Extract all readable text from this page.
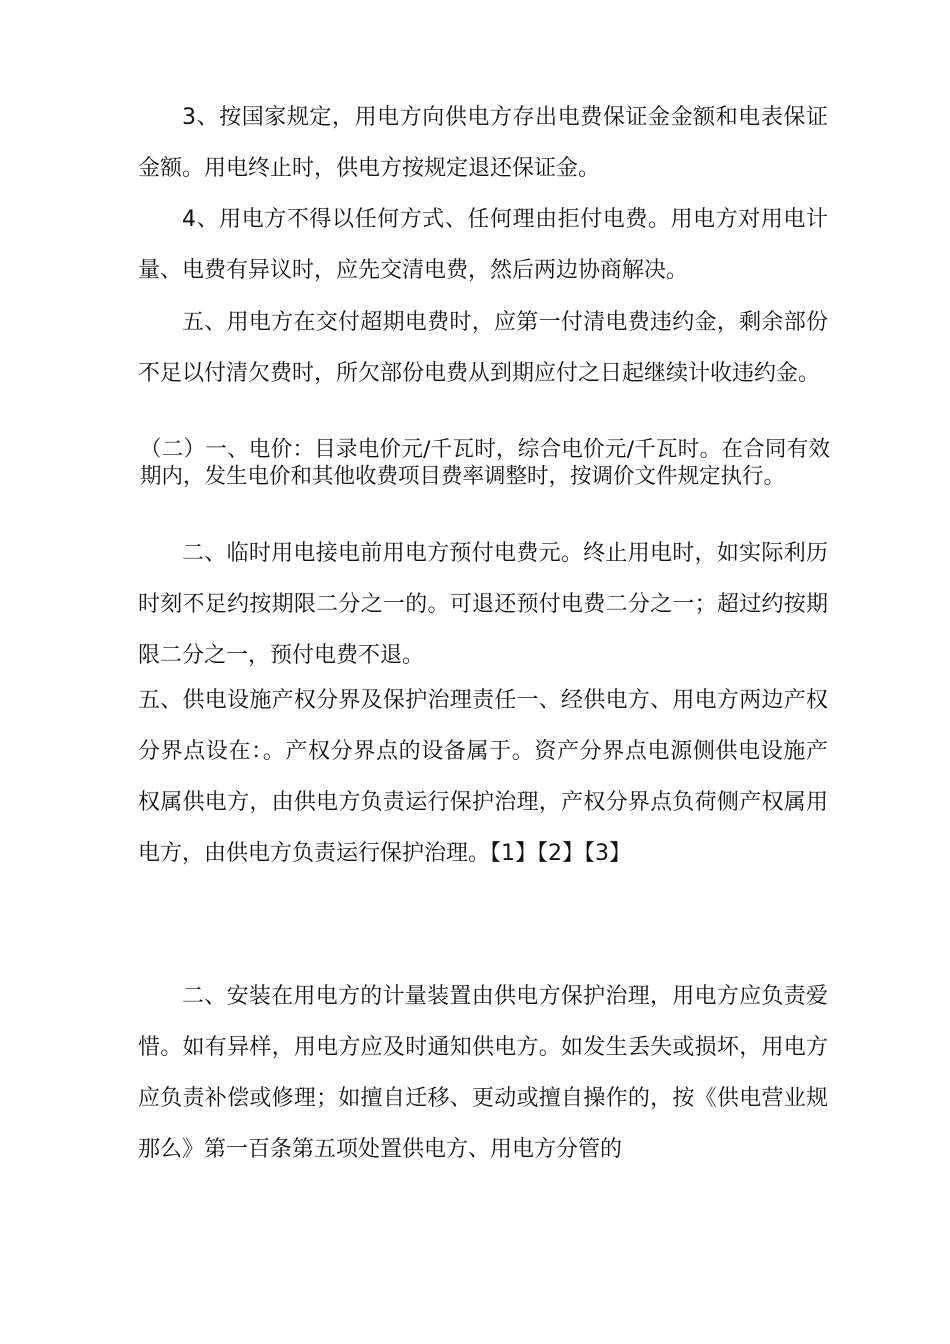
3、按国家规定，用电方向供电方存出电费保证金金额和电表保证金额。用电终止时，供电方按规定退还保证金。

4、用电方不得以任何方式、任何理由拒付电费。用电方对用电计量、电费有异议时，应先交清电费，然后两边协商解决。

五、用电方在交付超期电费时，应第一付清电费违约金，剩余部份不足以付清欠费时，所欠部份电费从到期应付之日起继续计收违约金。

（二）一、电价：目录电价元/千瓦时，综合电价元/千瓦时。在合同有效期内，发生电价和其他收费项目费率调整时，按调价文件规定执行。

二、临时用电接电前用电方预付电费元。终止用电时，如实际利历时刻不足约按期限二分之一的。可退还预付电费二分之一；超过约按期限二分之一，预付电费不退。

五、供电设施产权分界及保护治理责任一、经供电方、用电方两边产权分界点设在：。产权分界点的设备属于。资产分界点电源侧供电设施产权属供电方，由供电方负责运行保护治理，产权分界点负荷侧产权属用电方，由供电方负责运行保护治理。【1】【2】【3】

二、安装在用电方的计量装置由供电方保护治理，用电方应负责爱惜。如有异样，用电方应及时通知供电方。如发生丢失或损坏，用电方应负责补偿或修理；如擅自迁移、更动或擅自操作的，按《供电营业规那么》第一百条第五项处置供电方、用电方分管的
